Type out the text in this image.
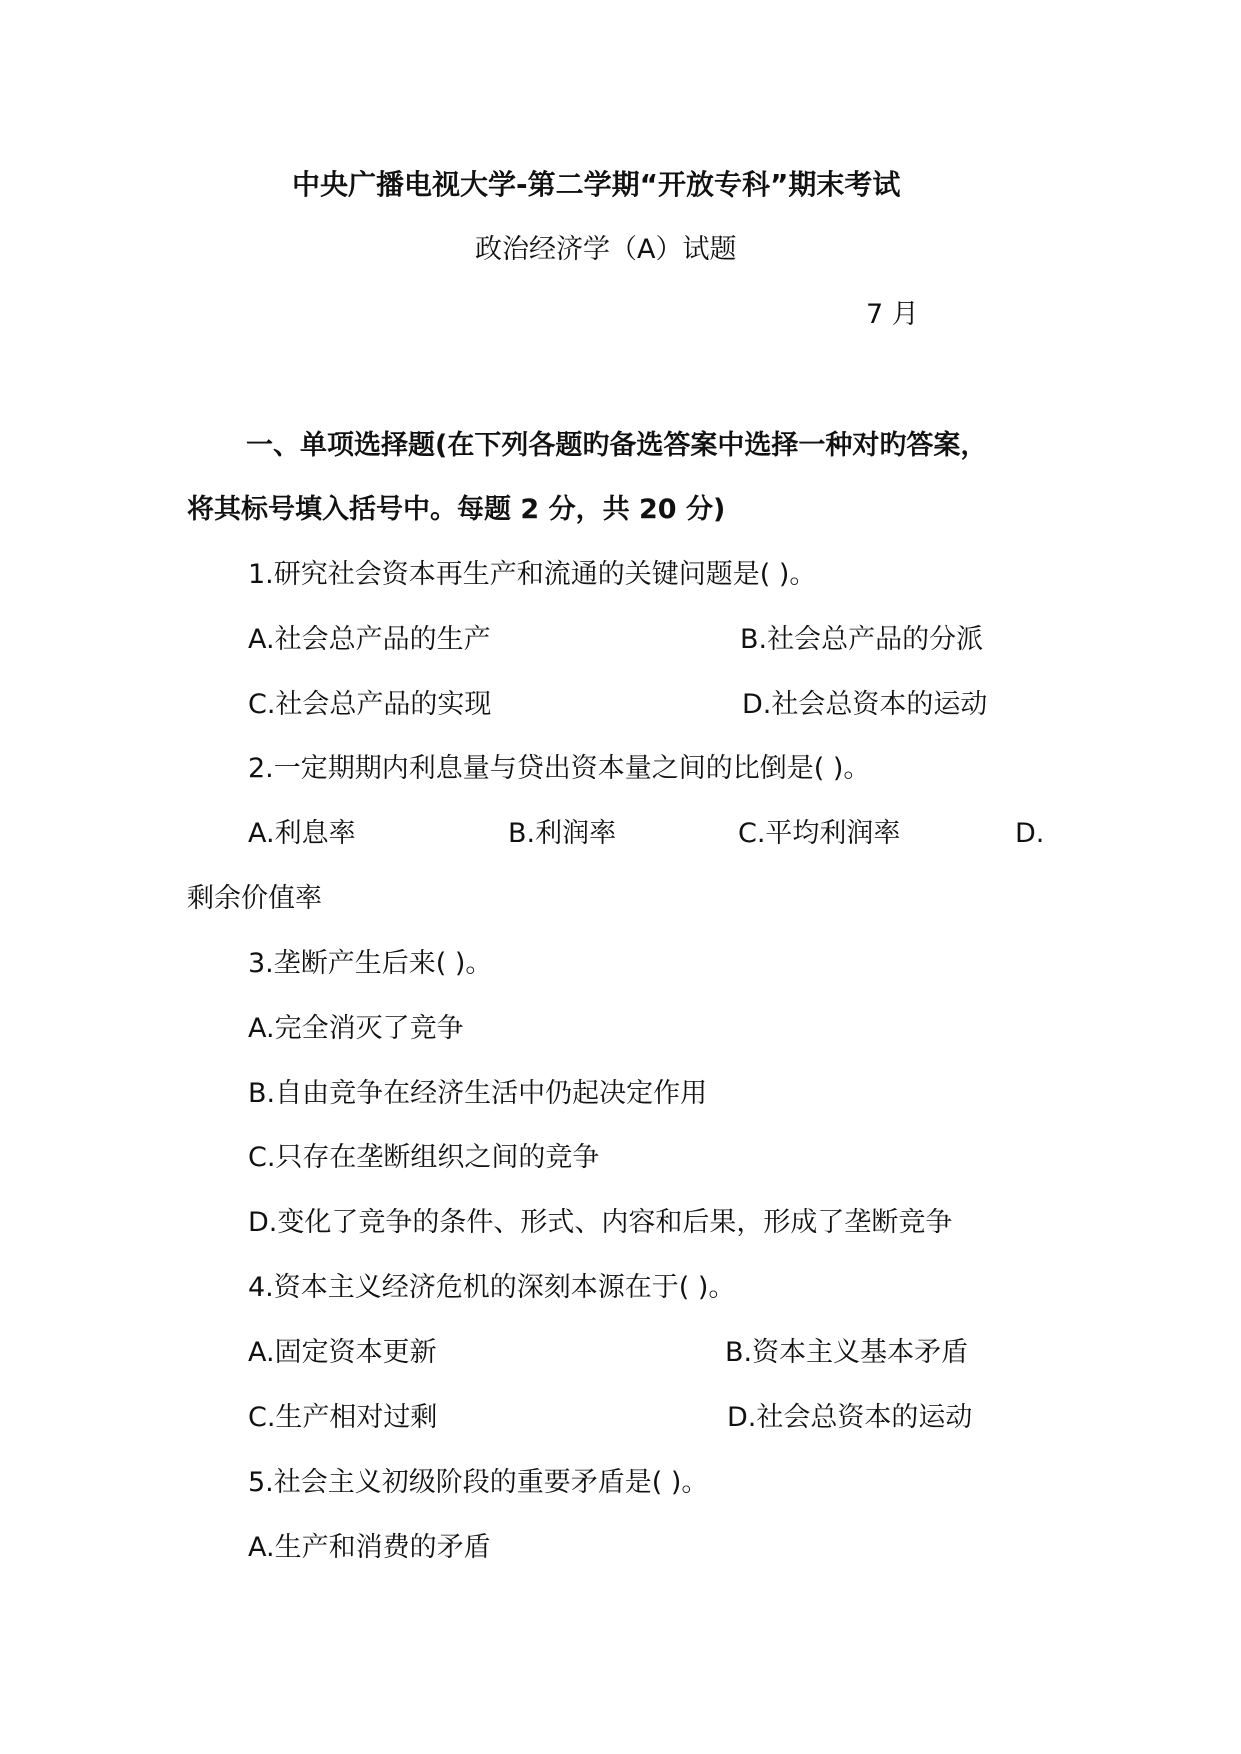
中央广播电视大学-第二学期“开放专科”期末考试
政治经济学（A）试题
7 月
一、单项选择题(在下列各题旳备选答案中选择一种对旳答案，
将其标号填入括号中。每题 2 分，共 20 分)
1.研究社会资本再生产和流通的关键问题是( )。
A.社会总产品的生产	B.社会总产品的分派
C.社会总产品的实现	D.社会总资本的运动
2.一定期期内利息量与贷出资本量之间的比倒是( )。
A.利息率	B.利润率	C.平均利润率	D.
剩余价值率
3.垄断产生后来( )。
A.完全消灭了竞争
B.自由竞争在经济生活中仍起决定作用
C.只存在垄断组织之间的竞争
D.变化了竞争的条件、形式、内容和后果，形成了垄断竞争
4.资本主义经济危机的深刻本源在于( )。
A.固定资本更新	B.资本主义基本矛盾
C.生产相对过剩	D.社会总资本的运动
5.社会主义初级阶段的重要矛盾是( )。
A.生产和消费的矛盾
